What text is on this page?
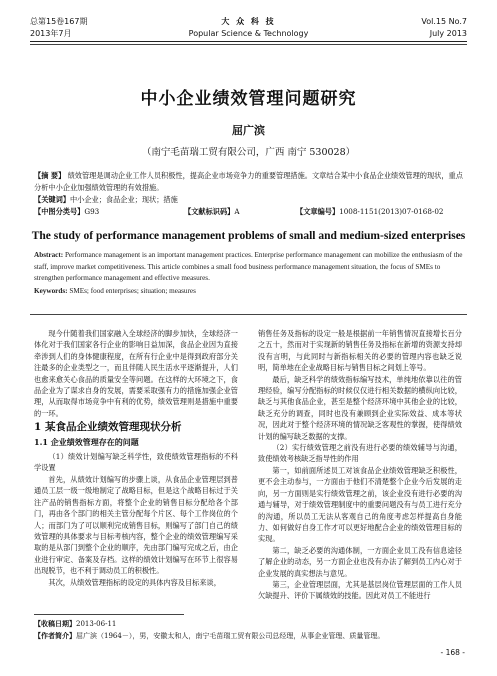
总第15卷167期
2013年7月
大 众 科 技
Popular Science & Technology
Vol.15 No.7
July 2013
中小企业绩效管理问题研究
屈广滨
（南宁毛苗瑞工贸有限公司，广西 南宁 530028）
【摘 要】 绩效管理是调动企业工作人员积极性，提高企业市场竞争力的重要管理措施。文章结合某中小食品企业绩效管理的现状，重点分析中小企业加强绩效管理的有效措施。
【关键词】中小企业；食品企业；现状；措施
【中图分类号】G93	【文献标识码】A	【文章编号】1008-1151(2013)07-0168-02
The study of performance management problems of small and medium-sized enterprises
Abstract: Performance management is an important management practices. Enterprise performance management can mobilize the enthusiasm of the staff, improve market competitiveness. This article combines a small food business performance management situation, the focus of SMEs to strengthen performance management and effective measures.
Keywords: SMEs; food enterprises; situation; measures

现今什随着我们国家融入全球经济的脚步加快，全球经济一体化对于我们国家各行企业的影响日益加深，食品企业因为直接牵涉到人们的身体健康程度，在所有行企业中是得到政府部分关注最多的企业类型之一，而且伴随人民生活水平逐渐提升，人们也愈来愈关心食品的质量安全等问题。在这样的大环境之下，食品企业为了谋求自身的发展，需要采取强有力的措施加强企业管理，从而取得市场竞争中有利的优势，绩效管理则是措施中重要的一环。

1 某食品企业绩效管理现状分析

1.1 企业绩效管理存在的问题

（1）绩效计划编写缺乏科学性，致使绩效管理指标的不科学设置

首先，从绩效计划编写的步骤上谈，从食品企业管理层到普通员工层一级一级地制定了战略目标，但是这个战略目标过于关注产品的销售指标方面，将整个企业的销售目标分配给各个部门，再由各个部门的相关主管分配每个片区、每个工作岗位的个人；而部门为了可以顺利完成销售目标，则编写了部门自己的绩效管理的具体要求与目标考核内容，整个企业的绩效管理编写采取的是从部门到整个企业的顺序，先由部门编写完成之后，由企业进行审定、备案及存档。这样的绩效计划编写在环节上很容易出现脱节，也不利于调动员工的积极性。

其次，从绩效管理指标的设定的具体内容及目标来谈，

销售任务及指标的设定一般是根据前一年销售情况直接增长百分之五十，然而对于实现新的销售任务及指标在新增的资源支持却没有言明，与此同时与新指标相关的必要的管理内容也缺乏说明，简单地在企业战略目标与销售目标之间划上等号。

最后，缺乏科学的绩效指标编写技术，单纯地依靠以往的管理经验，编写分配指标的时候仅仅进行相关数据的横纵向比较，缺乏与其他食品企业，甚至是整个经济环境中其他企业的比较，缺乏充分的调查，同时也没有兼顾到企业实际效益、成本等状况，因此对于整个经济环境的情况缺乏客观性的掌握，使得绩效计划的编写缺乏数据的支撑。

（2）实行绩效管理之前没有进行必要的绩效辅导与沟通，致使绩效考核缺乏指导性的作用

第一，如前面所述员工对该食品企业绩效管理缺乏积极性，更不会主动参与，一方面由于他们不清楚整个企业今后发展的走向，另一方面则是实行绩效管理之前，该企业没有进行必要的沟通与辅导，对于绩效管理制度中的重要问题没有与员工进行充分的沟通，所以员工无法从客观自己的角度考虑怎样提高自身能力、如何做好自身工作才可以更好地配合企业的绩效管理目标的实现。

第二，缺乏必要的沟通体制，一方面企业员工没有信息途径了解企业的动态，另一方面企业也没有办法了解到员工内心对于企业发展的真实想法与意见。

第三，企业管理层面，尤其是基层岗位管理层面的工作人员欠缺提升、评价下属绩效的技能。因此对员工不能进行

【收稿日期】2013-06-11
【作者简介】屈广滨（1964－），男，安徽太和人，南宁毛苗瑞工贸有限公司总经理，从事企业管理、质量管理。
- 168 -
